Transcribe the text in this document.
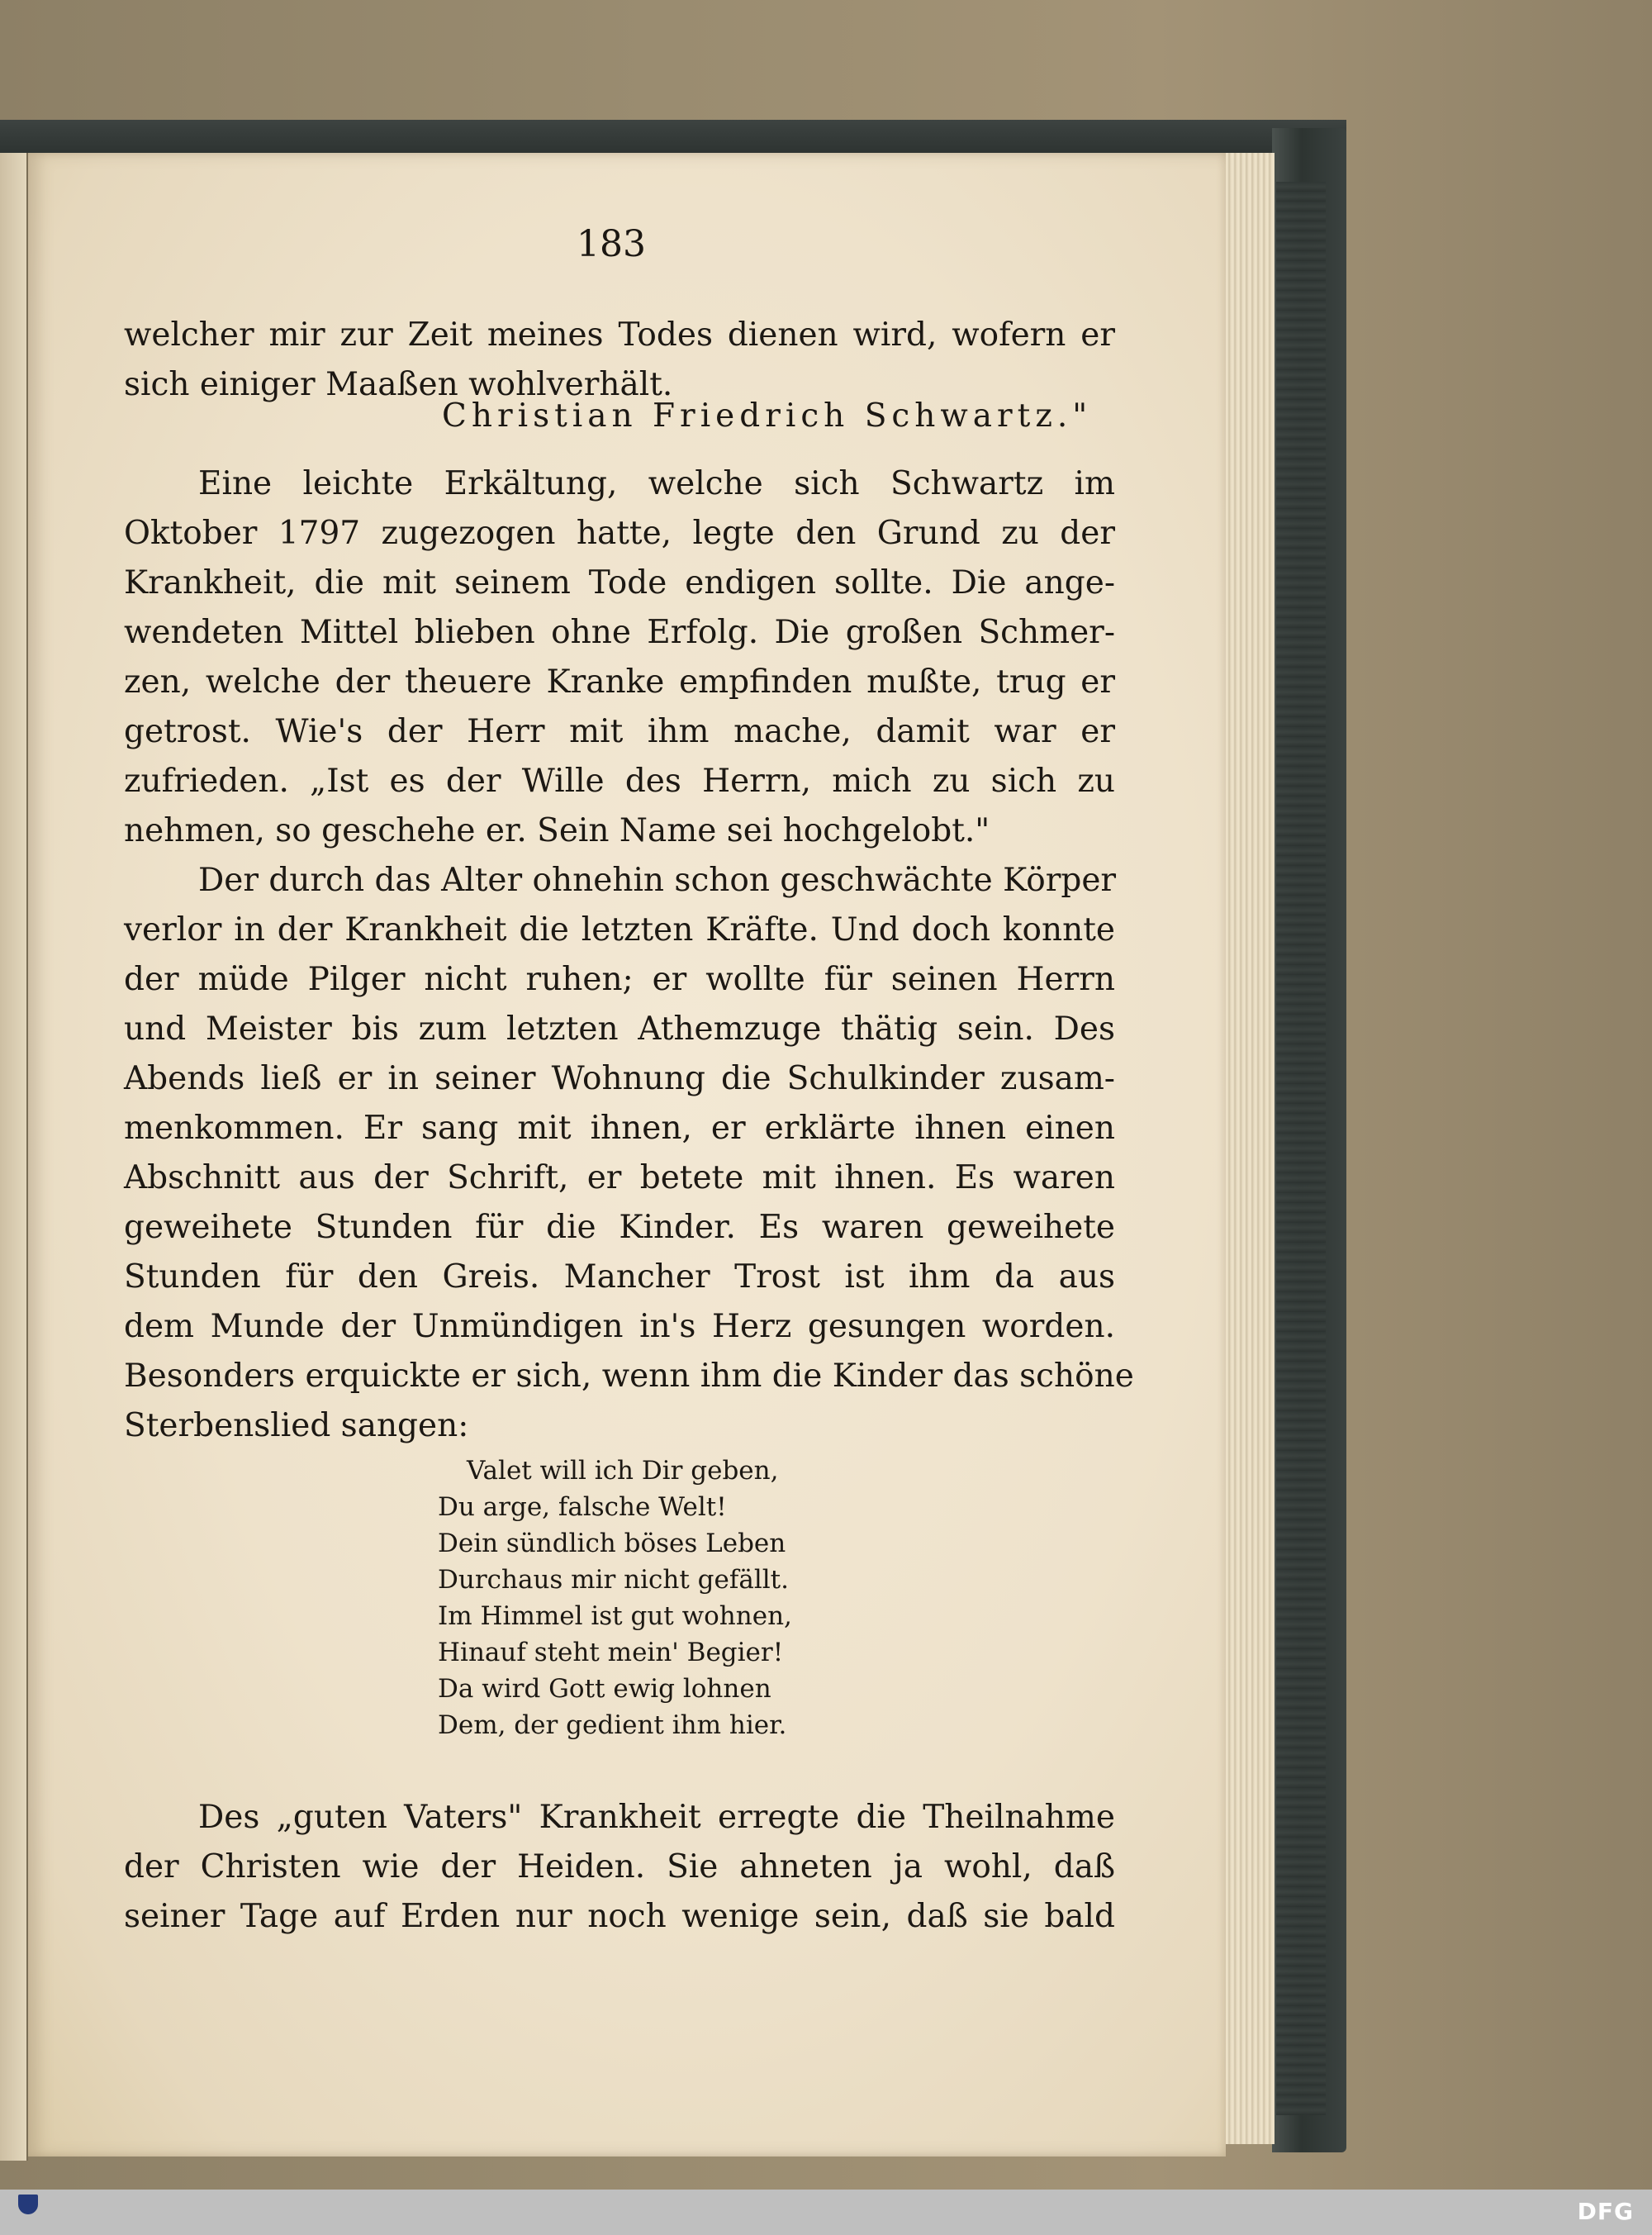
183
welcher mir zur Zeit meines Todes dienen wird, wofern er
sich einiger Maaßen wohlverhält.
Christian Friedrich Schwartz."
Eine leichte Erkältung, welche sich Schwartz im
Oktober 1797 zugezogen hatte, legte den Grund zu der
Krankheit, die mit seinem Tode endigen sollte. Die ange-
wendeten Mittel blieben ohne Erfolg. Die großen Schmer-
zen, welche der theuere Kranke empfinden mußte, trug er
getrost. Wie's der Herr mit ihm mache, damit war er
zufrieden. „Ist es der Wille des Herrn, mich zu sich zu
nehmen, so geschehe er. Sein Name sei hochgelobt."
Der durch das Alter ohnehin schon geschwächte Körper
verlor in der Krankheit die letzten Kräfte. Und doch konnte
der müde Pilger nicht ruhen; er wollte für seinen Herrn
und Meister bis zum letzten Athemzuge thätig sein. Des
Abends ließ er in seiner Wohnung die Schulkinder zusam-
menkommen. Er sang mit ihnen, er erklärte ihnen einen
Abschnitt aus der Schrift, er betete mit ihnen. Es waren
geweihete Stunden für die Kinder. Es waren geweihete
Stunden für den Greis. Mancher Trost ist ihm da aus
dem Munde der Unmündigen in's Herz gesungen worden.
Besonders erquickte er sich, wenn ihm die Kinder das schöne
Sterbenslied sangen:
Valet will ich Dir geben,
Du arge, falsche Welt!
Dein sündlich böses Leben
Durchaus mir nicht gefällt.
Im Himmel ist gut wohnen,
Hinauf steht mein' Begier!
Da wird Gott ewig lohnen
Dem, der gedient ihm hier.
Des „guten Vaters" Krankheit erregte die Theilnahme
der Christen wie der Heiden. Sie ahneten ja wohl, daß
seiner Tage auf Erden nur noch wenige sein, daß sie bald
DFG
